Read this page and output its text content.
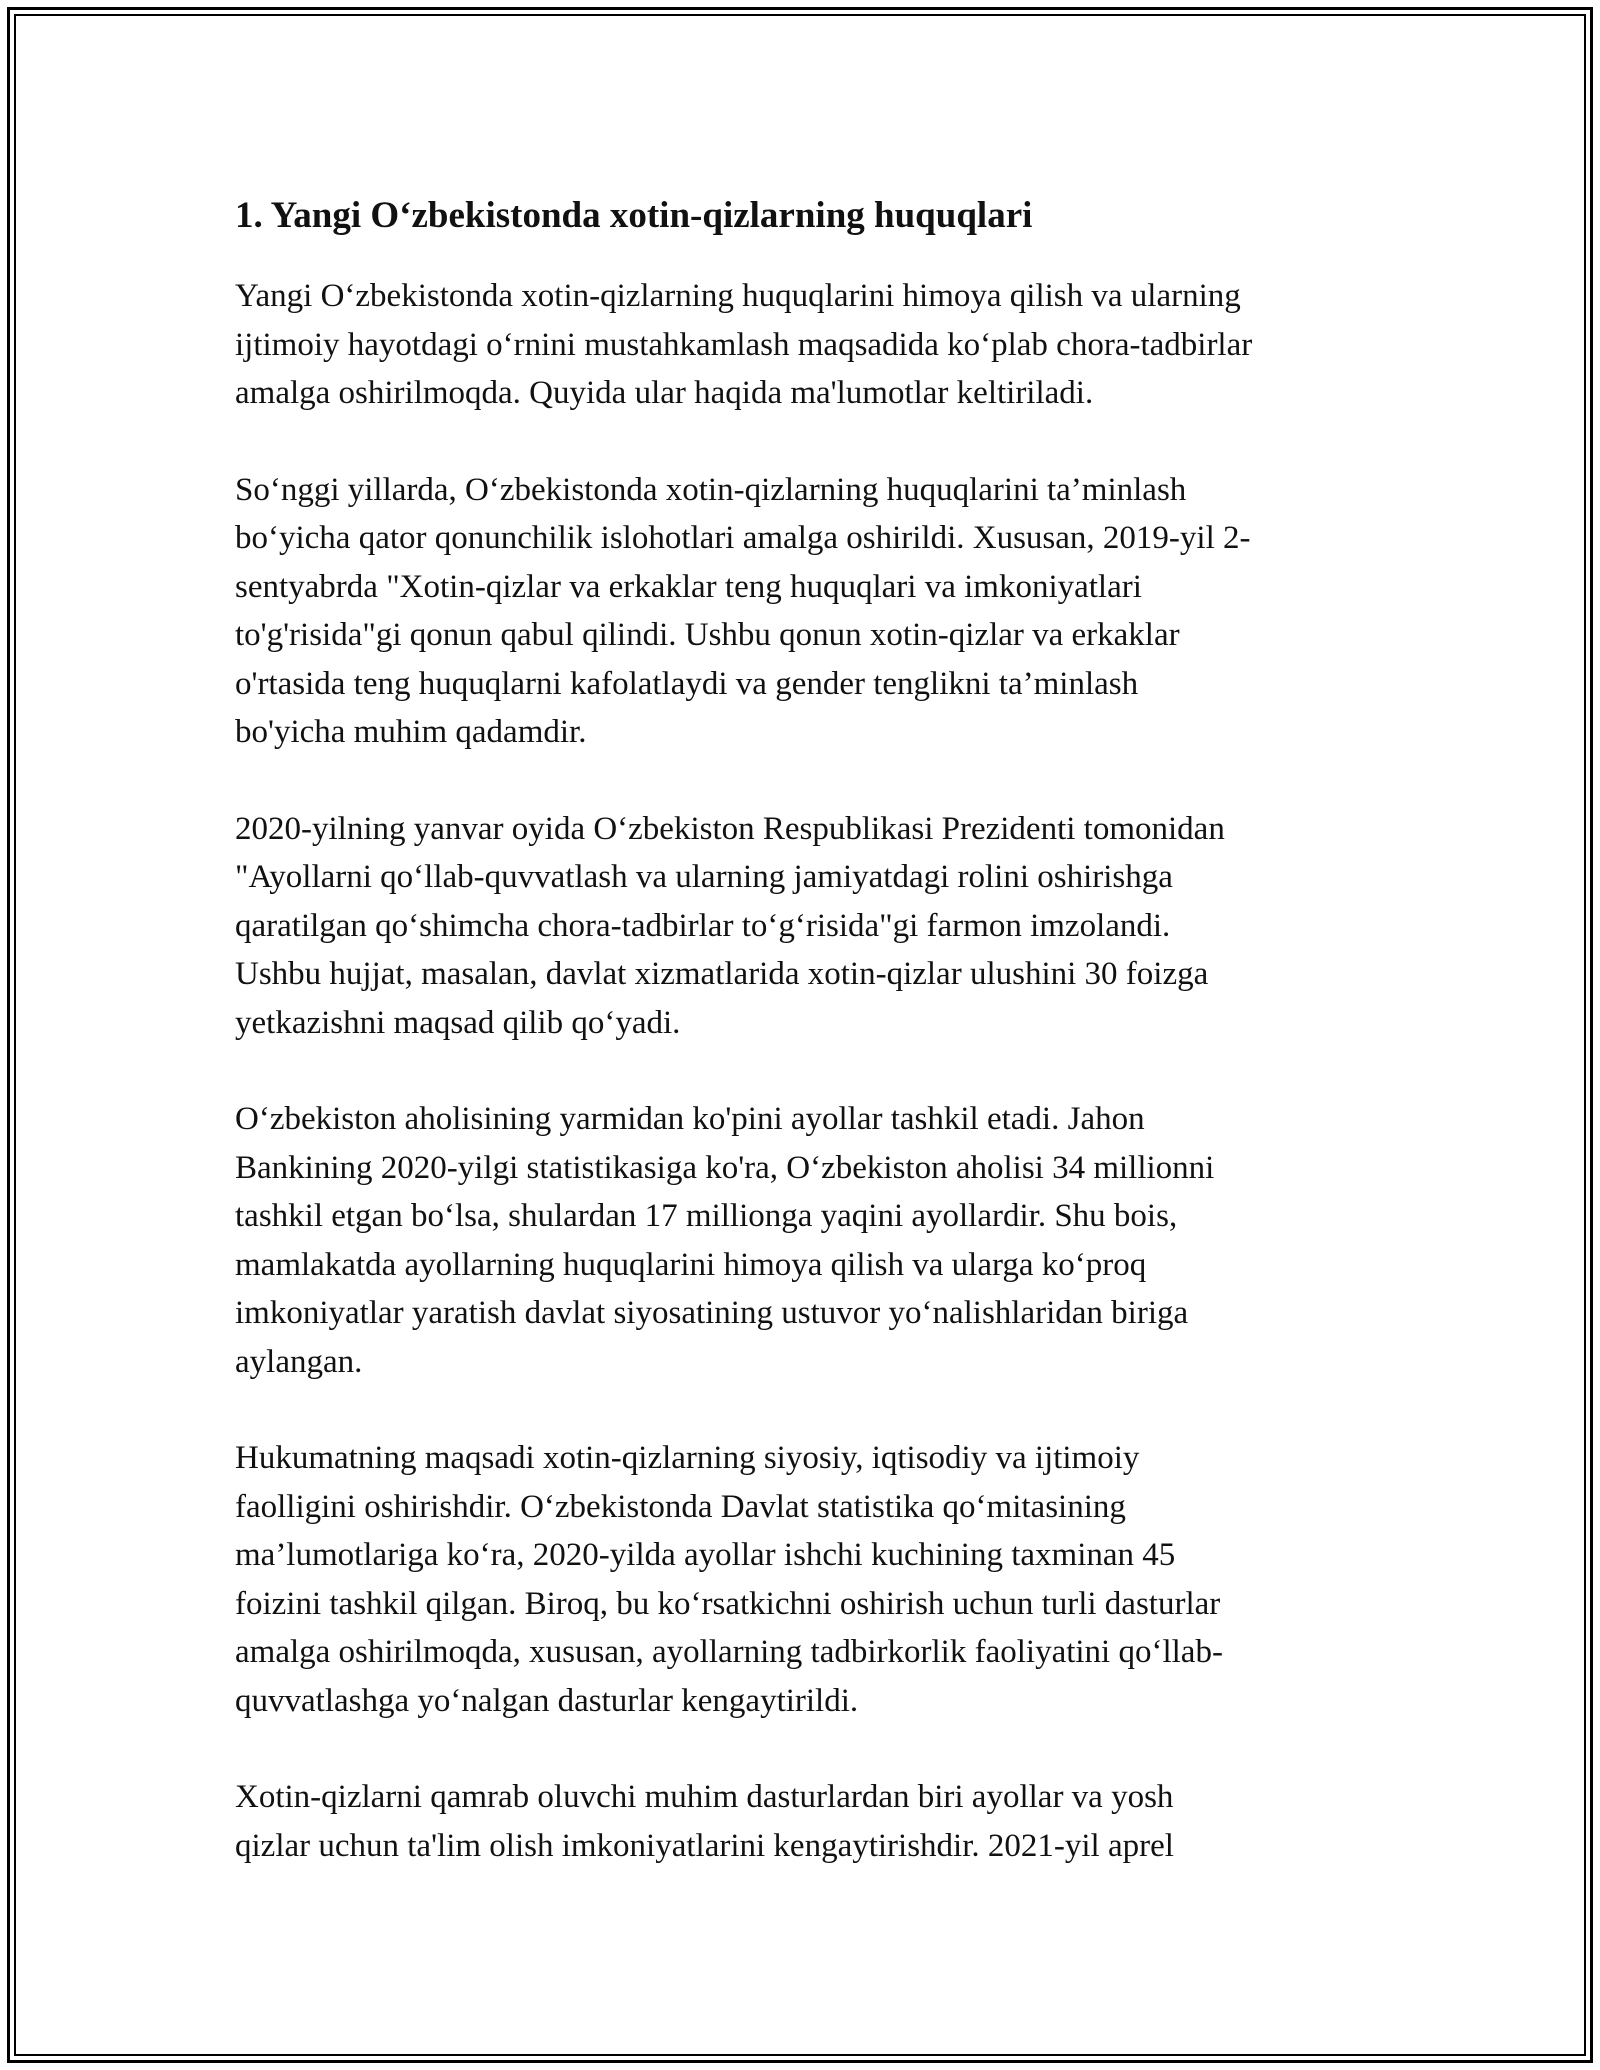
1. Yangi O‘zbekistonda xotin-qizlarning huquqlari

Yangi O‘zbekistonda xotin-qizlarning huquqlarini himoya qilish va ularning
ijtimoiy hayotdagi o‘rnini mustahkamlash maqsadida ko‘plab chora-tadbirlar
amalga oshirilmoqda. Quyida ular haqida ma'lumotlar keltiriladi.

So‘nggi yillarda, O‘zbekistonda xotin-qizlarning huquqlarini ta’minlash
bo‘yicha qator qonunchilik islohotlari amalga oshirildi. Xususan, 2019-yil 2-
sentyabrda "Xotin-qizlar va erkaklar teng huquqlari va imkoniyatlari
to'g'risida"gi qonun qabul qilindi. Ushbu qonun xotin-qizlar va erkaklar
o'rtasida teng huquqlarni kafolatlaydi va gender tenglikni ta’minlash
bo'yicha muhim qadamdir.

2020-yilning yanvar oyida O‘zbekiston Respublikasi Prezidenti tomonidan
"Ayollarni qo‘llab-quvvatlash va ularning jamiyatdagi rolini oshirishga
qaratilgan qo‘shimcha chora-tadbirlar to‘g‘risida"gi farmon imzolandi.
Ushbu hujjat, masalan, davlat xizmatlarida xotin-qizlar ulushini 30 foizga
yetkazishni maqsad qilib qo‘yadi.

O‘zbekiston aholisining yarmidan ko'pini ayollar tashkil etadi. Jahon
Bankining 2020-yilgi statistikasiga ko'ra, O‘zbekiston aholisi 34 millionni
tashkil etgan bo‘lsa, shulardan 17 millionga yaqini ayollardir. Shu bois,
mamlakatda ayollarning huquqlarini himoya qilish va ularga ko‘proq
imkoniyatlar yaratish davlat siyosatining ustuvor yo‘nalishlaridan biriga
aylangan.

Hukumatning maqsadi xotin-qizlarning siyosiy, iqtisodiy va ijtimoiy
faolligini oshirishdir. O‘zbekistonda Davlat statistika qo‘mitasining
ma’lumotlariga ko‘ra, 2020-yilda ayollar ishchi kuchining taxminan 45
foizini tashkil qilgan. Biroq, bu ko‘rsatkichni oshirish uchun turli dasturlar
amalga oshirilmoqda, xususan, ayollarning tadbirkorlik faoliyatini qo‘llab-
quvvatlashga yo‘nalgan dasturlar kengaytirildi.

Xotin-qizlarni qamrab oluvchi muhim dasturlardan biri ayollar va yosh
qizlar uchun ta'lim olish imkoniyatlarini kengaytirishdir. 2021-yil aprel
